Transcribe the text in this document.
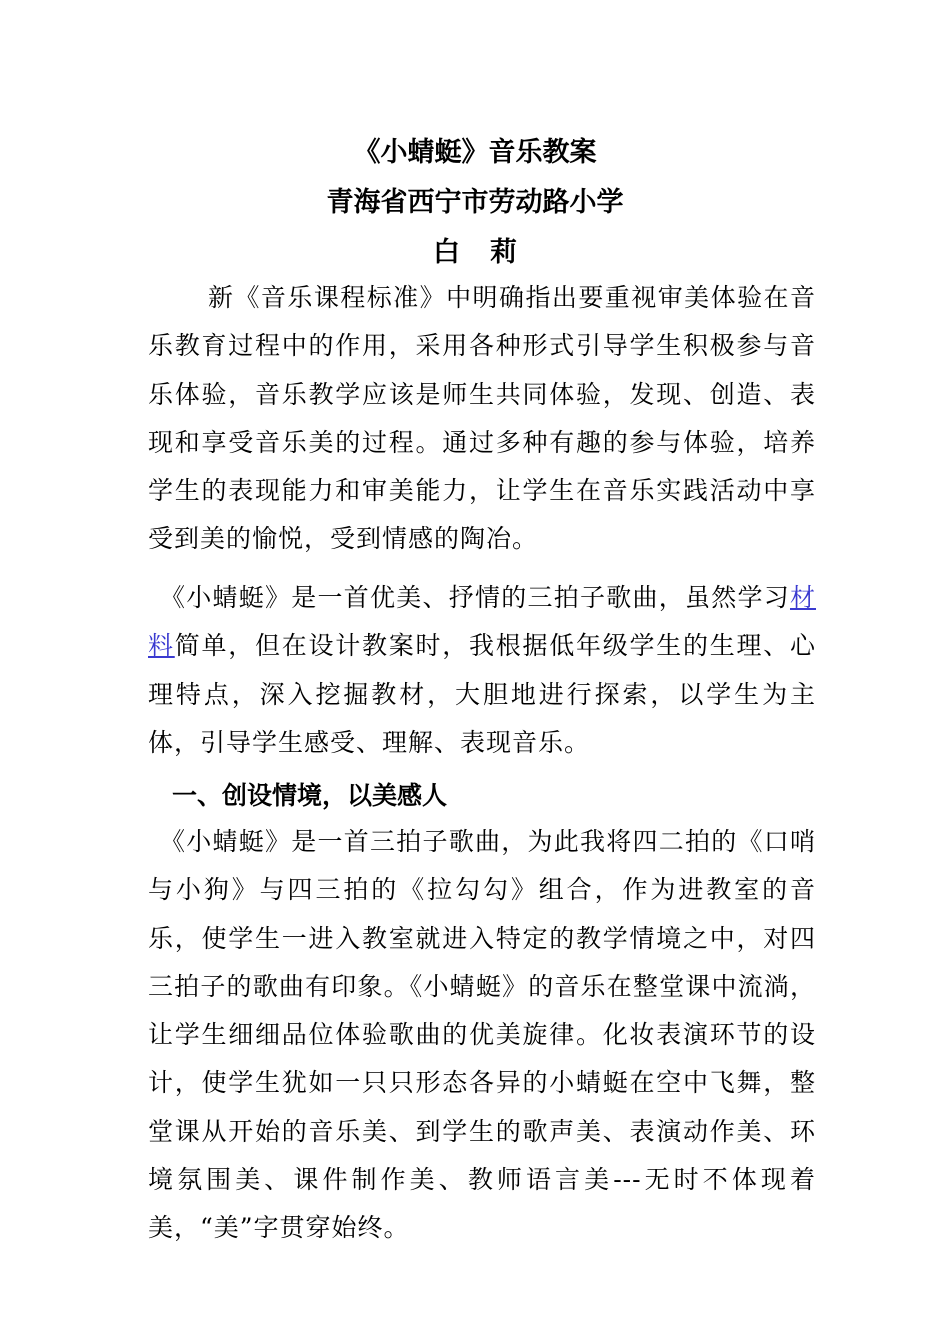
《小蜻蜓》音乐教案
青海省西宁市劳动路小学
白莉

新《音乐课程标准》中明确指出要重视审美体验在音乐教育过程中的作用，采用各种形式引导学生积极参与音乐体验，音乐教学应该是师生共同体验，发现、创造、表现和享受音乐美的过程。通过多种有趣的参与体验，培养学生的表现能力和审美能力，让学生在音乐实践活动中享受到美的愉悦，受到情感的陶冶。

《小蜻蜓》是一首优美、抒情的三拍子歌曲，虽然学习材料简单，但在设计教案时，我根据低年级学生的生理、心理特点，深入挖掘教材，大胆地进行探索，以学生为主体，引导学生感受、理解、表现音乐。

一、创设情境，以美感人

《小蜻蜓》是一首三拍子歌曲，为此我将四二拍的《口哨与小狗》与四三拍的《拉勾勾》组合，作为进教室的音乐，使学生一进入教室就进入特定的教学情境之中，对四三拍子的歌曲有印象。《小蜻蜓》的音乐在整堂课中流淌，让学生细细品位体验歌曲的优美旋律。化妆表演环节的设计，使学生犹如一只只形态各异的小蜻蜓在空中飞舞，整堂课从开始的音乐美、到学生的歌声美、表演动作美、环境氛围美、课件制作美、教师语言美---无时不体现着美，“美”字贯穿始终。
